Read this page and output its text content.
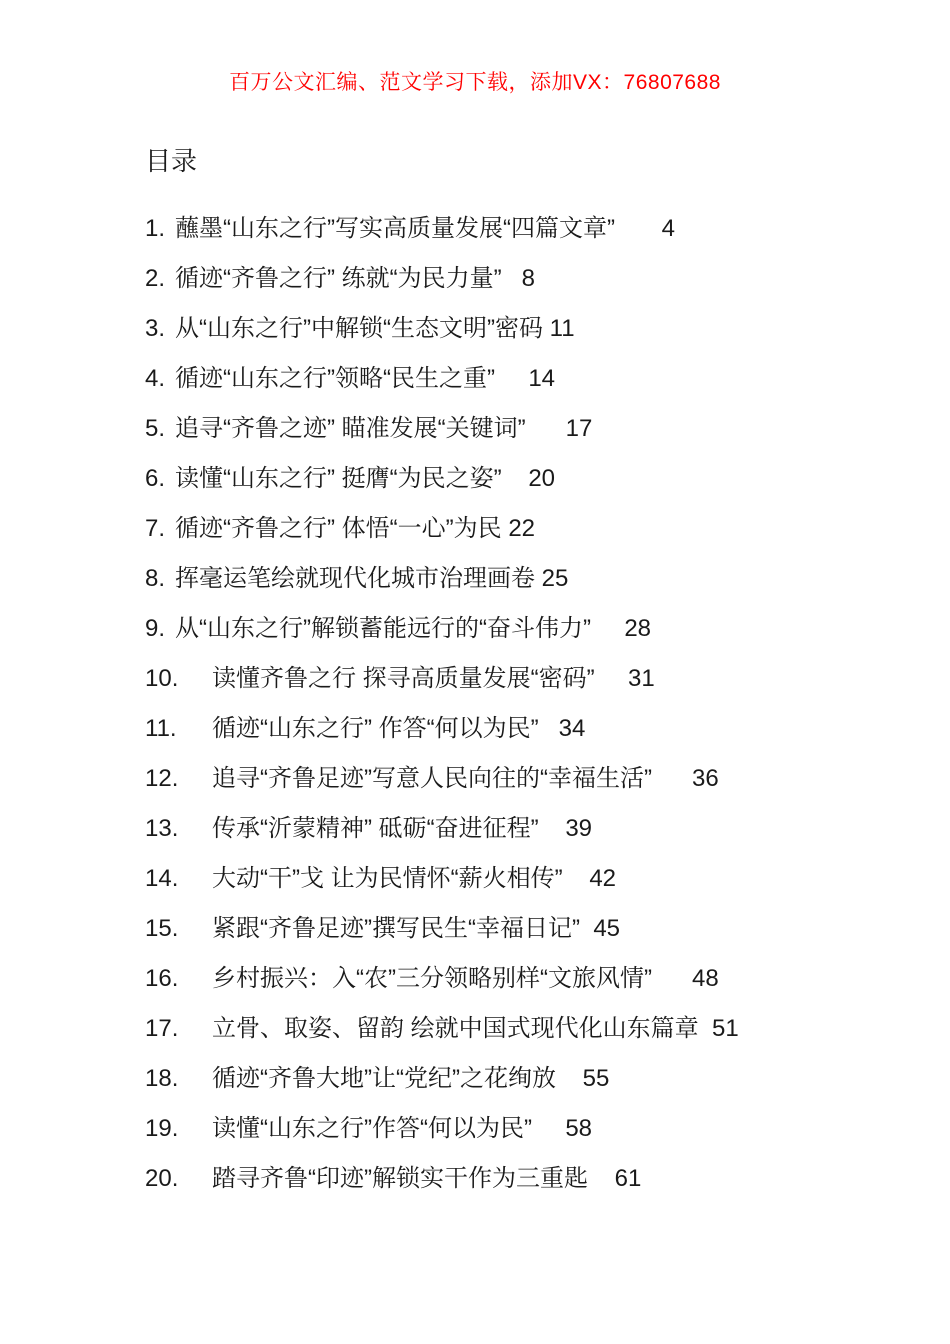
百万公文汇编、范文学习下载，添加VX：76807688
目录
1. 蘸墨“山东之行”写实高质量发展“四篇文章” 4
2. 循迹“齐鲁之行” 练就“为民力量” 8
3. 从“山东之行”中解锁“生态文明”密码 11
4. 循迹“山东之行”领略“民生之重” 14
5. 追寻“齐鲁之迹” 瞄准发展“关键词” 17
6. 读懂“山东之行” 挺膺“为民之姿” 20
7. 循迹“齐鲁之行” 体悟“一心”为民 22
8. 挥毫运笔绘就现代化城市治理画卷 25
9. 从“山东之行”解锁蓄能远行的“奋斗伟力” 28
10. 读懂齐鲁之行 探寻高质量发展“密码” 31
11. 循迹“山东之行” 作答“何以为民” 34
12. 追寻“齐鲁足迹”写意人民向往的“幸福生活” 36
13. 传承“沂蒙精神” 砥砺“奋进征程” 39
14. 大动“干”戈 让为民情怀“薪火相传” 42
15. 紧跟“齐鲁足迹”撰写民生“幸福日记” 45
16. 乡村振兴：入“农”三分领略别样“文旅风情” 48
17. 立骨、取姿、留韵 绘就中国式现代化山东篇章 51
18. 循迹“齐鲁大地”让“党纪”之花绚放 55
19. 读懂“山东之行”作答“何以为民” 58
20. 踏寻齐鲁“印迹”解锁实干作为三重匙 61
